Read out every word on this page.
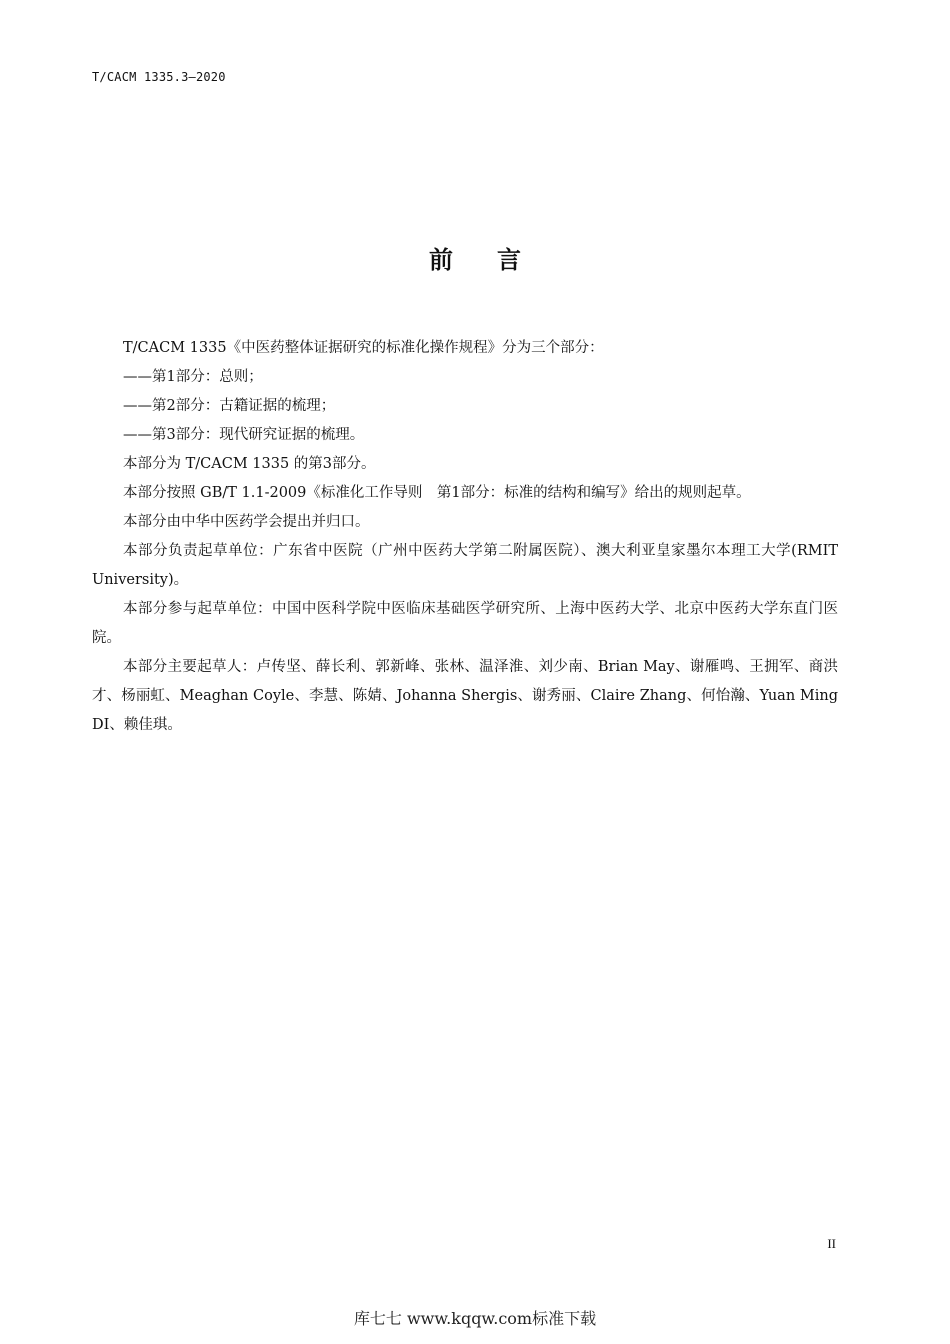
T/CACM 1335.3—2020
前言

T/CACM 1335《中医药整体证据研究的标准化操作规程》分为三个部分：

——第1部分：总则；

——第2部分：古籍证据的梳理；

——第3部分：现代研究证据的梳理。

本部分为 T/CACM 1335 的第3部分。

本部分按照 GB/T 1.1-2009《标准化工作导则　第1部分：标准的结构和编写》给出的规则起草。

本部分由中华中医药学会提出并归口。

本部分负责起草单位：广东省中医院（广州中医药大学第二附属医院）、澳大利亚皇家墨尔本理工大学(RMIT University)。

本部分参与起草单位：中国中医科学院中医临床基础医学研究所、上海中医药大学、北京中医药大学东直门医院。

本部分主要起草人：卢传坚、薛长利、郭新峰、张林、温泽淮、刘少南、Brian May、谢雁鸣、王拥军、商洪才、杨丽虹、Meaghan Coyle、李慧、陈婧、Johanna Shergis、谢秀丽、Claire Zhang、何怡瀚、Yuan Ming DI、赖佳琪。

II
库七七 www.kqqw.com标准下载
